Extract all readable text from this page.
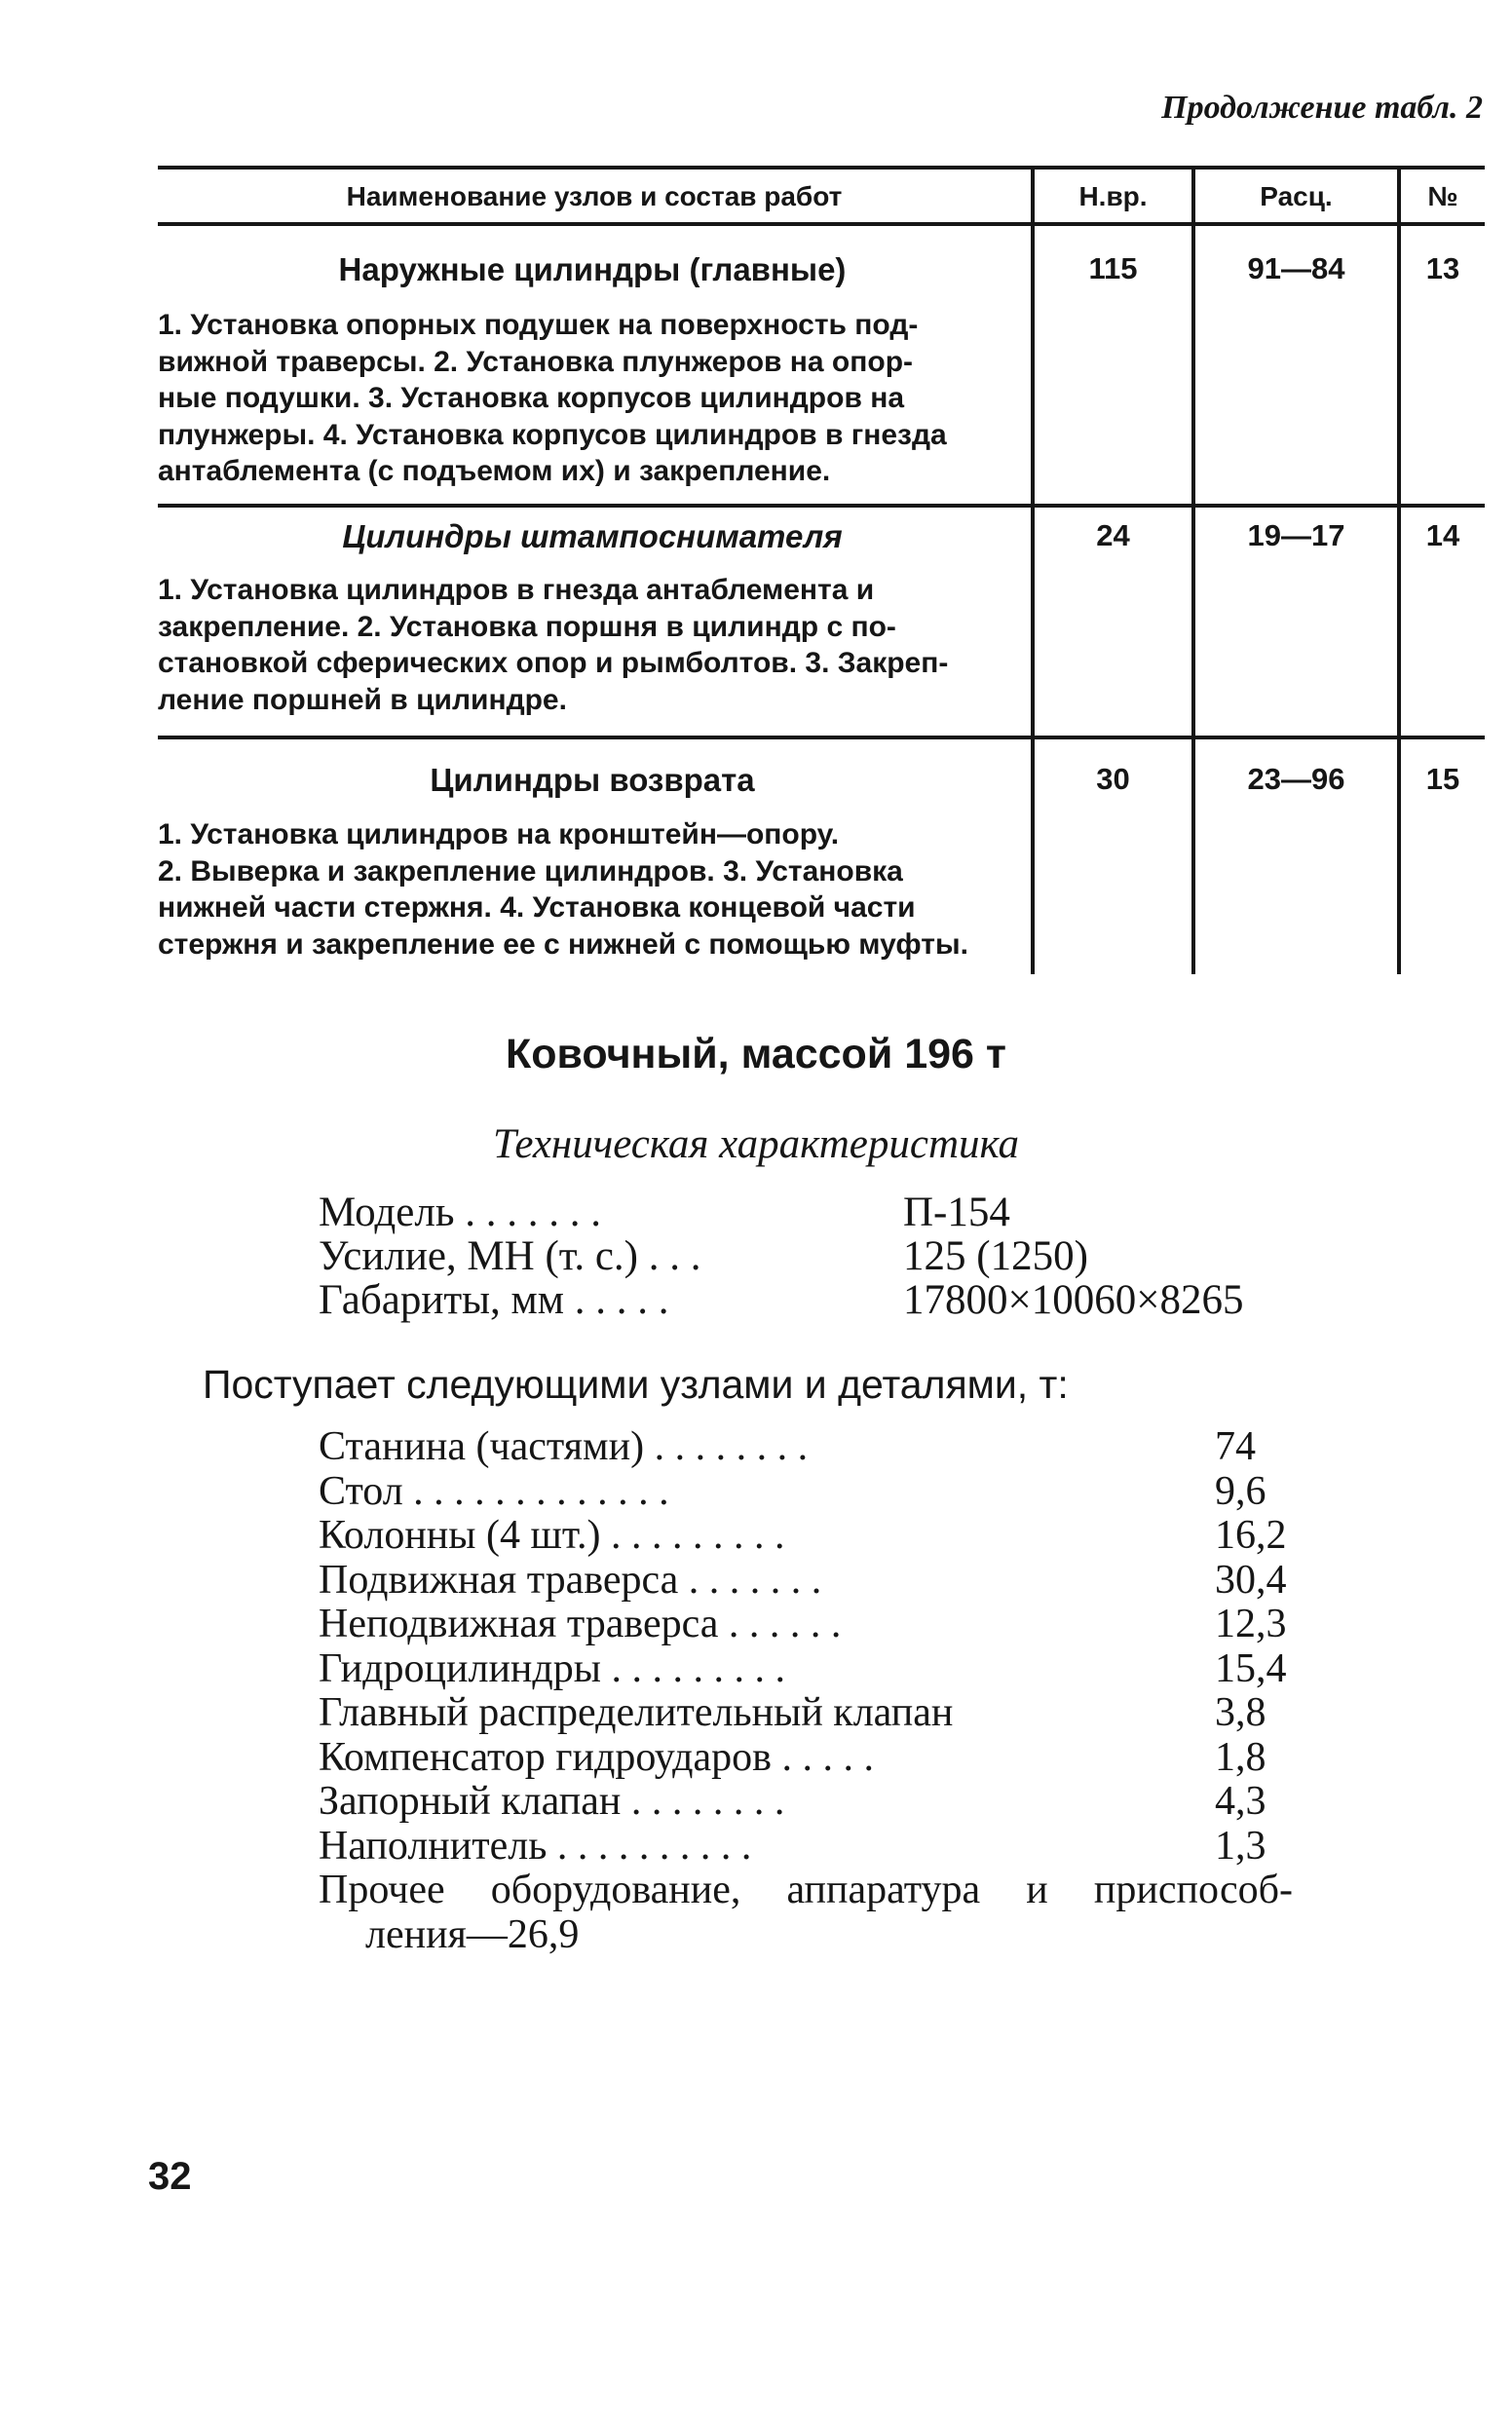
Продолжение табл. 2
Наименование узлов и состав работ	Н.вр.	Расц.	№
Наружные цилиндры (главные)
1. Установка опорных подушек на поверхность под-
вижной траверсы. 2. Установка плунжеров на опор-
ные подушки. 3. Установка корпусов цилиндров на
плунжеры. 4. Установка корпусов цилиндров в гнезда
антаблемента (с подъемом их) и закрепление.
115	91—84	13
Цилиндры штампоснимателя
1. Установка цилиндров в гнезда антаблемента и
закрепление. 2. Установка поршня в цилиндр с по-
становкой сферических опор и рымболтов. 3. Закреп-
ление поршней в цилиндре.
24	19—17	14
Цилиндры возврата
1. Установка цилиндров на кронштейн—опору.
2. Выверка и закрепление цилиндров. 3. Установка
нижней части стержня. 4. Установка концевой части
стержня и закрепление ее с нижней с помощью муфты.
30	23—96	15
Ковочный, массой 196 т
Техническая характеристика
Модель . . . . . . .	П-154
Усилие, МН (т. с.) . . .	125 (1250)
Габариты, мм . . . . .	17800×10060×8265
Поступает следующими узлами и деталями, т:
Станина (частями) . . . . . . . .	74
Стол . . . . . . . . . . . . .	9,6
Колонны (4 шт.) . . . . . . . . .	16,2
Подвижная траверса . . . . . . .	30,4
Неподвижная траверса . . . . . .	12,3
Гидроцилиндры . . . . . . . . .	15,4
Главный распределительный клапан	3,8
Компенсатор гидроударов . . . . .	1,8
Запорный клапан . . . . . . . .	4,3
Наполнитель . . . . . . . . . .	1,3
Прочее оборудование, аппаратура и приспособ-
ления—26,9
32
